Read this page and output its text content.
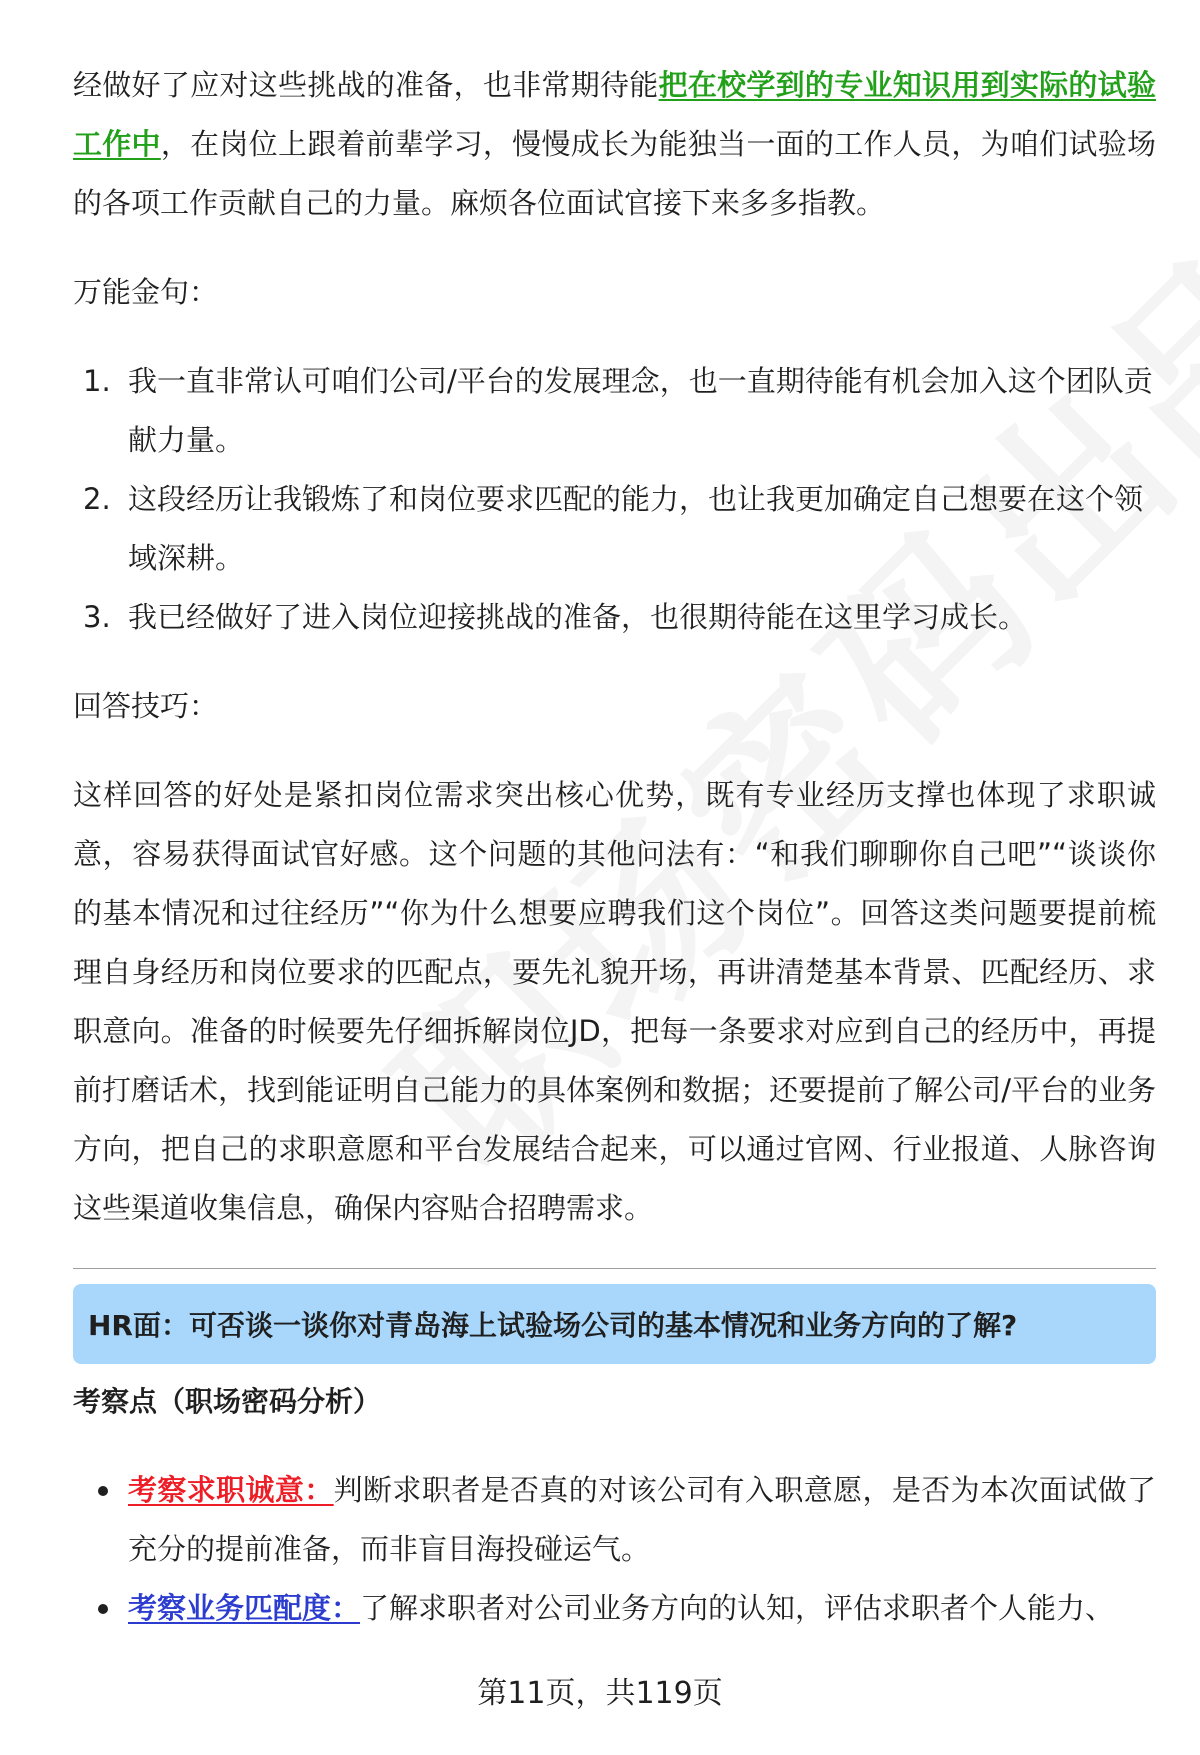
经做好了应对这些挑战的准备，也非常期待能把在校学到的专业知识用到实际的试验工作中，在岗位上跟着前辈学习，慢慢成长为能独当一面的工作人员，为咱们试验场的各项工作贡献自己的力量。麻烦各位面试官接下来多多指教。

万能金句：

1. 我一直非常认可咱们公司/平台的发展理念，也一直期待能有机会加入这个团队贡献力量。
2. 这段经历让我锻炼了和岗位要求匹配的能力，也让我更加确定自己想要在这个领域深耕。
3. 我已经做好了进入岗位迎接挑战的准备，也很期待能在这里学习成长。

回答技巧：

这样回答的好处是紧扣岗位需求突出核心优势，既有专业经历支撑也体现了求职诚意，容易获得面试官好感。这个问题的其他问法有：“和我们聊聊你自己吧”“谈谈你的基本情况和过往经历”“你为什么想要应聘我们这个岗位”。回答这类问题要提前梳理自身经历和岗位要求的匹配点，要先礼貌开场，再讲清楚基本背景、匹配经历、求职意向。准备的时候要先仔细拆解岗位JD，把每一条要求对应到自己的经历中，再提前打磨话术，找到能证明自己能力的具体案例和数据；还要提前了解公司/平台的业务方向，把自己的求职意愿和平台发展结合起来，可以通过官网、行业报道、人脉咨询这些渠道收集信息，确保内容贴合招聘需求。

HR面：可否谈一谈你对青岛海上试验场公司的基本情况和业务方向的了解?

考察点（职场密码分析）

考察求职诚意：判断求职者是否真的对该公司有入职意愿，是否为本次面试做了充分的提前准备，而非盲目海投碰运气。
考察业务匹配度：了解求职者对公司业务方向的认知，评估求职者个人能力、
第11页，共119页
